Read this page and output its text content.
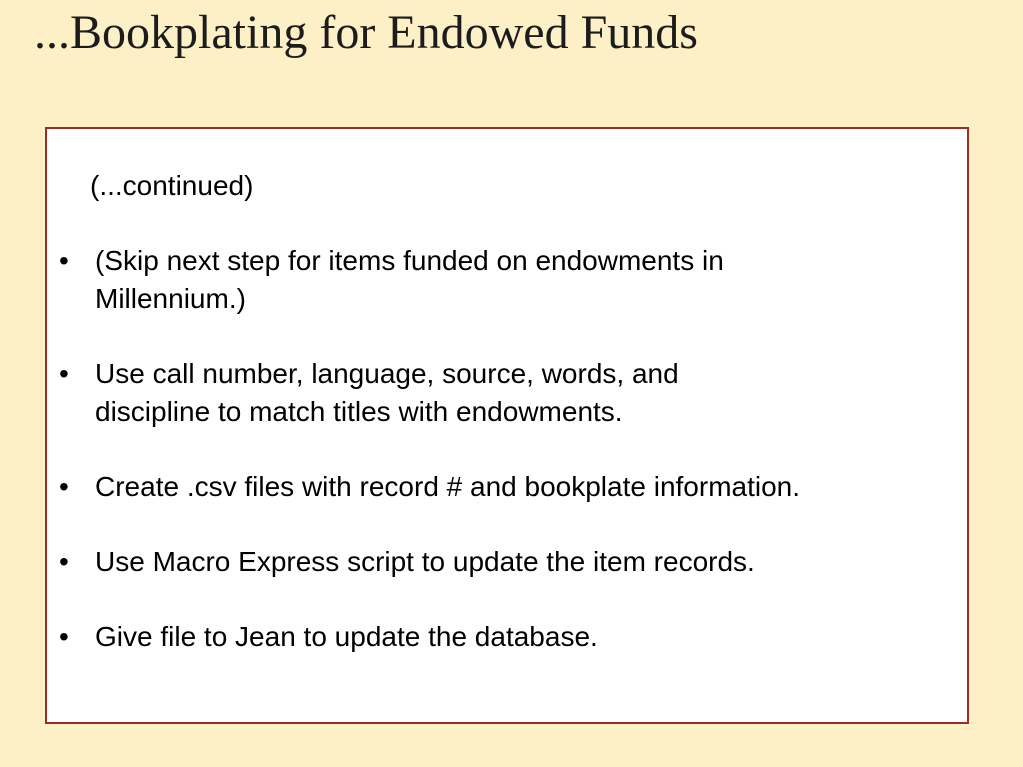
...Bookplating for Endowed Funds

(...continued)

• (Skip next step for items funded on endowments in
Millennium.)
• Use call number, language, source, words, and
discipline to match titles with endowments.
• Create .csv files with record # and bookplate information.
• Use Macro Express script to update the item records.
• Give file to Jean to update the database.
